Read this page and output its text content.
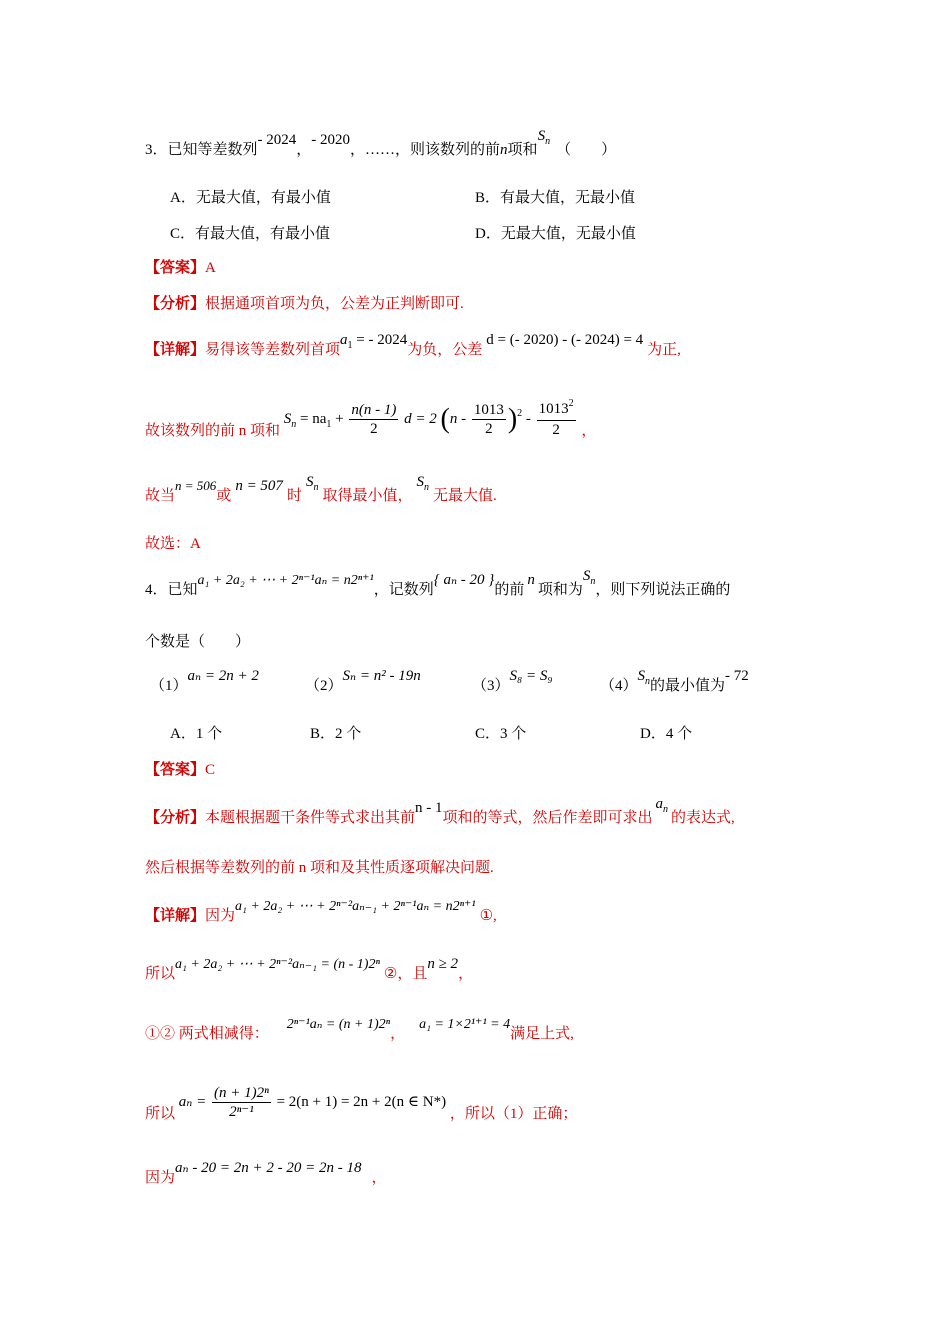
3．已知等差数列- 2024，- 2020，……，则该数列的前n项和$S_n$（　　）
A．无最大值，有最小值	B．有最大值，无最小值
C．有最大值，有最小值	D．无最大值，无最小值
【答案】A
【分析】根据通项首项为负，公差为正判断即可.
【详解】易得该等差数列首项$a_1$ = - 2024为负，公差d = (- 2020) - (- 2024) = 4为正,
故该数列的前 n 项和 $S_n = na_1 + \frac{n(n - 1)}{2}$ d = 2 $(n - \frac{1013}{2} )^2 - \frac{1013^2}{2}$ ，
故当n = 506或n = 507时$S_n$取得最小值，$S_n$无最大值.
故选：A
4．已知a₁ + 2a₂ + ⋯ + 2ⁿ⁻¹aₙ = n2ⁿ⁺¹，记数列{ aₙ - 20 }的前n项和为$S_n$，则下列说法正确的
个数是（　　）
（1）aₙ = 2n + 2
（2）Sₙ = n² - 19n
（3）S₈ = S₉
$(4)S_n$的最小值为- 72
A．1 个	B．2 个	C．3 个	D．4 个
【答案】C
【分析】本题根据题干条件等式求出其前n - 1项和的等式，然后作差即可求出$a_n$的表达式,
然后根据等差数列的前 n 项和及其性质逐项解决问题.
【详解】因为a₁ + 2a₂ + ⋯ + 2ⁿ⁻²aₙ₋₁ + 2ⁿ⁻¹aₙ = n2ⁿ⁺¹①,
所以a₁ + 2a₂ + ⋯ + 2ⁿ⁻²aₙ₋₁ = (n - 1)2ⁿ②，且n ≥ 2，
①② 两式相减得：2ⁿ⁻¹aₙ = (n + 1)2ⁿ，a₁ = 1×2¹⁺¹ = 4满足上式,
所以 $a_n = \frac{\text{(n + 1)2ⁿ}}{\text{2ⁿ⁻¹}} = 2(n + 1) = 2n + 2(n$ ∈ N*) ，所以（1）正确；
因为aₙ - 20 = 2n + 2 - 20 = 2n - 18，
